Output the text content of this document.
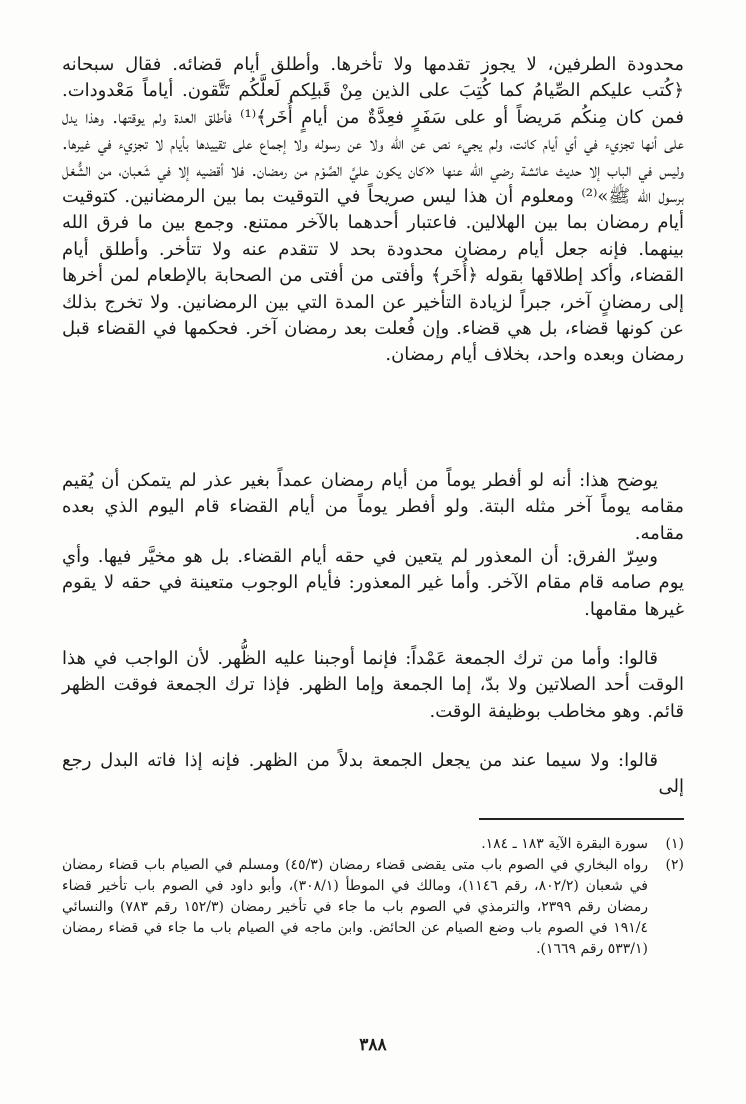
محدودة الطرفين، لا يجوز تقدمها ولا تأخرها. وأطلق أيام قضائه. فقال سبحانه ﴿كُتب عليكم الصِّيامُ كما كُتِبَ على الذين مِنْ قَبلِكم لَعلَّكُم تَتَّقون. أياماً مَعْدودات. فمن كان مِنكُم مَريضاً أو على سَفَرٍ فعِدَّةٌ من أيامٍ أُخَر﴾⁽¹⁾ فأطلق العدة ولم يوقتها. وهذا يدل على أنها تجزيء في أي أيام كانت، ولم يجيء نص عن الله ولا عن رسوله ولا إجماع على تقييدها بأيام لا تجزيء في غيرها. وليس في الباب إلا حديث عائشة رضي الله عنها «كان يكون عليَّ الصَّوْم من رمضان. فلا أقضيه إلا في شَعبان، من الشُّغل برسول الله ﷺ»⁽²⁾ ومعلوم أن هذا ليس صريحاً في التوقيت بما بين الرمضانين. كتوقيت أيام رمضان بما بين الهلالين. فاعتبار أحدهما بالآخر ممتنع. وجمع بين ما فرق الله بينهما. فإنه جعل أيام رمضان محدودة بحد لا تتقدم عنه ولا تتأخر. وأطلق أيام القضاء، وأكد إطلاقها بقوله ﴿أُخَر﴾ وأفتى من أفتى من الصحابة بالإطعام لمن أخرها إلى رمضانٍ آخر، جبراً لزيادة التأخير عن المدة التي بين الرمضانين. ولا تخرج بذلك عن كونها قضاء، بل هي قضاء. وإن فُعلت بعد رمضان آخر. فحكمها في القضاء قبل رمضان وبعده واحد، بخلاف أيام رمضان.

يوضح هذا: أنه لو أفطر يوماً من أيام رمضان عمداً بغير عذر لم يتمكن أن يُقيم مقامه يوماً آخر مثله البتة. ولو أفطر يوماً من أيام القضاء قام اليوم الذي بعده مقامه.

وسِرّ الفرق: أن المعذور لم يتعين في حقه أيام القضاء. بل هو مخيَّر فيها. وأي يوم صامه قام مقام الآخر. وأما غير المعذور: فأيام الوجوب متعينة في حقه لا يقوم غيرها مقامها.

قالوا: وأما من ترك الجمعة عَمْداً: فإنما أوجبنا عليه الظُّهر. لأن الواجب في هذا الوقت أحد الصلاتين ولا بدّ، إما الجمعة وإما الظهر. فإذا ترك الجمعة فوقت الظهر قائم. وهو مخاطب بوظيفة الوقت.

قالوا: ولا سيما عند من يجعل الجمعة بدلاً من الظهر. فإنه إذا فاته البدل رجع إلى

(١)
سورة البقرة الآية ١٨٣ ـ ١٨٤.
(٢)
رواه البخاري في الصوم باب متى يقضى قضاء رمضان (٤٥/٣) ومسلم في الصيام باب قضاء رمضان في شعبان (٨٠٢/٢، رقم ١١٤٦)، ومالك في الموطأ (٣٠٨/١)، وأبو داود في الصوم باب تأخير قضاء رمضان رقم ٢٣٩٩، والترمذي في الصوم باب ما جاء في تأخير رمضان (١٥٢/٣ رقم ٧٨٣) والنسائي ١٩١/٤ في الصوم باب وضع الصيام عن الحائض. وابن ماجه في الصيام باب ما جاء في قضاء رمضان (٥٣٣/١ رقم ١٦٦٩).
٣٨٨
